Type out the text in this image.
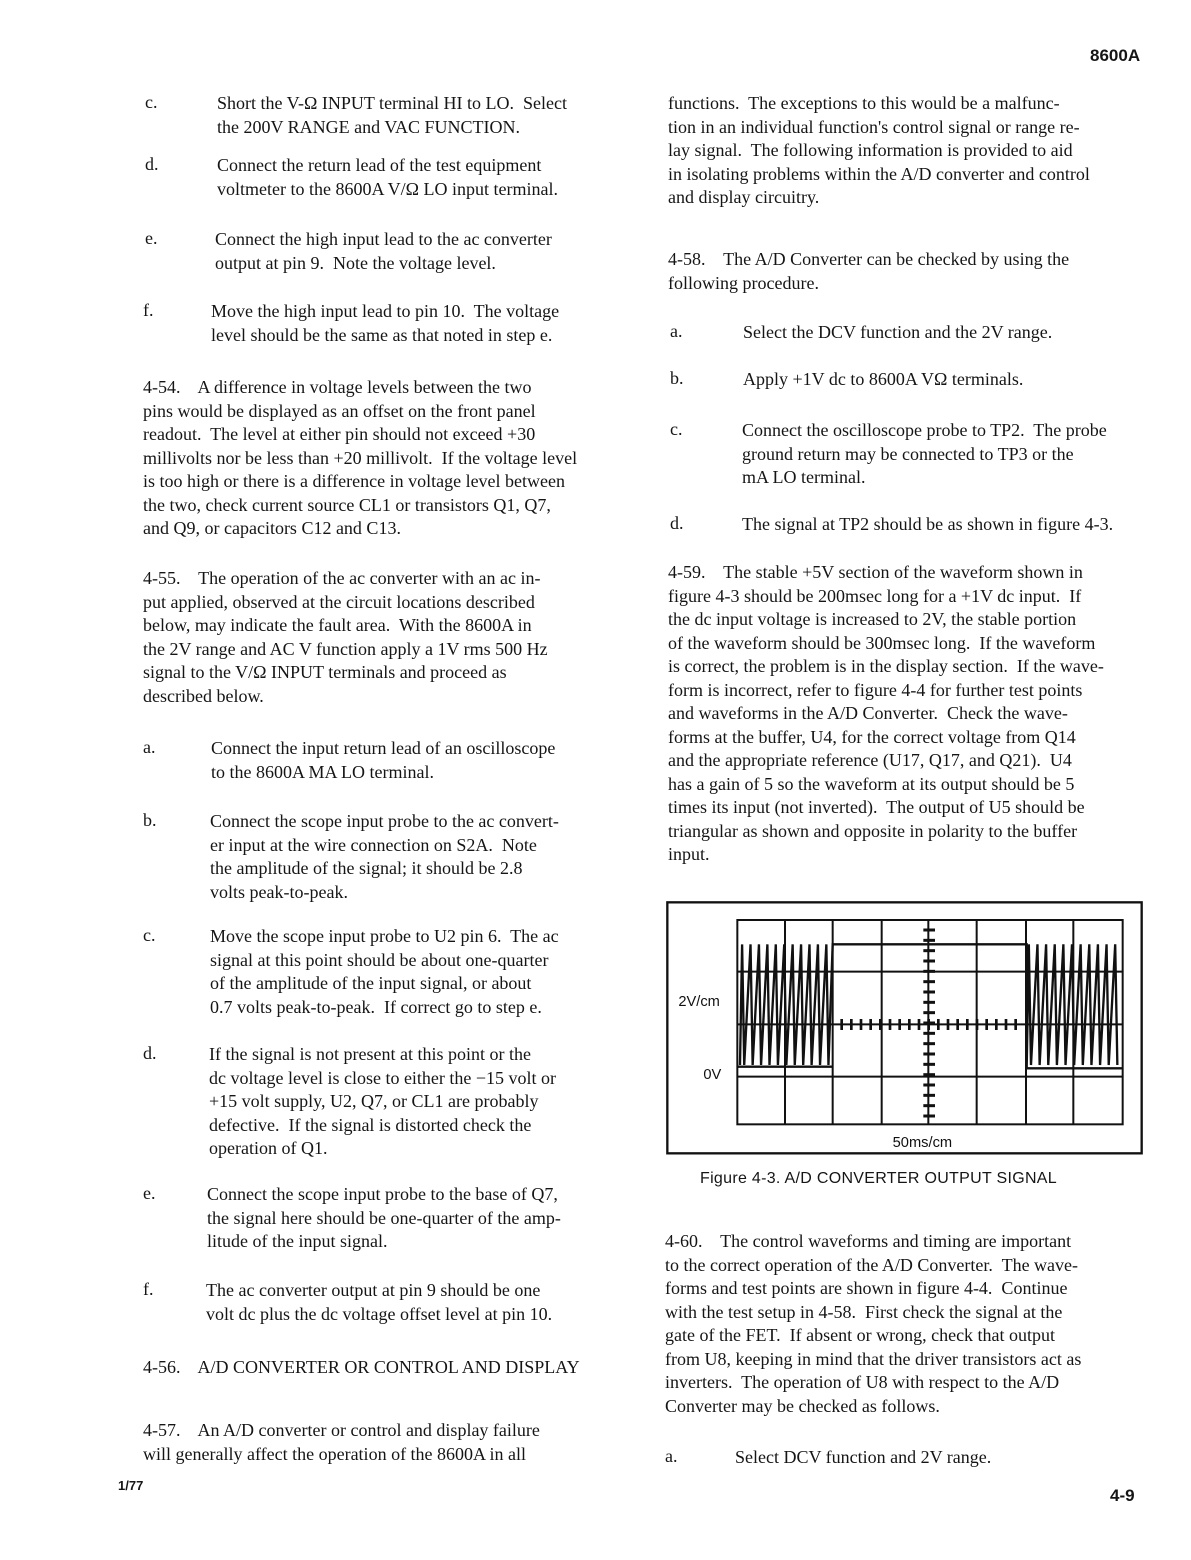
8600A
c.	Short the V-Ω INPUT terminal HI to LO.  Select
the 200V RANGE and VAC FUNCTION.
d.	Connect the return lead of the test equipment
voltmeter to the 8600A V/Ω LO input terminal.
e.	Connect the high input lead to the ac converter
output at pin 9.  Note the voltage level.
f.	Move the high input lead to pin 10.  The voltage
level should be the same as that noted in step e.
4-54.    A difference in voltage levels between the two
pins would be displayed as an offset on the front panel
readout.  The level at either pin should not exceed +30
millivolts nor be less than +20 millivolt.  If the voltage level
is too high or there is a difference in voltage level between
the two, check current source CL1 or transistors Q1, Q7,
and Q9, or capacitors C12 and C13.
4-55.    The operation of the ac converter with an ac in-
put applied, observed at the circuit locations described
below, may indicate the fault area.  With the 8600A in
the 2V range and AC V function apply a 1V rms 500 Hz
signal to the V/Ω INPUT terminals and proceed as
described below.
a.	Connect the input return lead of an oscilloscope
to the 8600A MA LO terminal.
b.	Connect the scope input probe to the ac convert-
er input at the wire connection on S2A.  Note
the amplitude of the signal; it should be 2.8
volts peak-to-peak.
c.	Move the scope input probe to U2 pin 6.  The ac
signal at this point should be about one-quarter
of the amplitude of the input signal, or about
0.7 volts peak-to-peak.  If correct go to step e.
d.	If the signal is not present at this point or the
dc voltage level is close to either the −15 volt or
+15 volt supply, U2, Q7, or CL1 are probably
defective.  If the signal is distorted check the
operation of Q1.
e.	Connect the scope input probe to the base of Q7,
the signal here should be one-quarter of the amp-
litude of the input signal.
f.	The ac converter output at pin 9 should be one
volt dc plus the dc voltage offset level at pin 10.
4-56.    A/D CONVERTER OR CONTROL AND DISPLAY
4-57.    An A/D converter or control and display failure
will generally affect the operation of the 8600A in all
1/77
functions.  The exceptions to this would be a malfunc-
tion in an individual function's control signal or range re-
lay signal.  The following information is provided to aid
in isolating problems within the A/D converter and control
and display circuitry.
4-58.    The A/D Converter can be checked by using the
following procedure.
a.	Select the DCV function and the 2V range.
b.	Apply +1V dc to 8600A VΩ terminals.
c.	Connect the oscilloscope probe to TP2.  The probe
ground return may be connected to TP3 or the
mA LO terminal.
d.	The signal at TP2 should be as shown in figure 4-3.
4-59.    The stable +5V section of the waveform shown in
figure 4-3 should be 200msec long for a +1V dc input.  If
the dc input voltage is increased to 2V, the stable portion
of the waveform should be 300msec long.  If the waveform
is correct, the problem is in the display section.  If the wave-
form is incorrect, refer to figure 4-4 for further test points
and waveforms in the A/D Converter.  Check the wave-
forms at the buffer, U4, for the correct voltage from Q14
and the appropriate reference (U17, Q17, and Q21).  U4
has a gain of 5 so the waveform at its output should be 5
times its input (not inverted).  The output of U5 should be
triangular as shown and opposite in polarity to the buffer
input.
2V/cm
0V
50ms/cm
Figure 4-3. A/D CONVERTER OUTPUT SIGNAL
4-60.    The control waveforms and timing are important
to the correct operation of the A/D Converter.  The wave-
forms and test points are shown in figure 4-4.  Continue
with the test setup in 4-58.  First check the signal at the
gate of the FET.  If absent or wrong, check that output
from U8, keeping in mind that the driver transistors act as
inverters.  The operation of U8 with respect to the A/D
Converter may be checked as follows.
a.	Select DCV function and 2V range.
4-9
